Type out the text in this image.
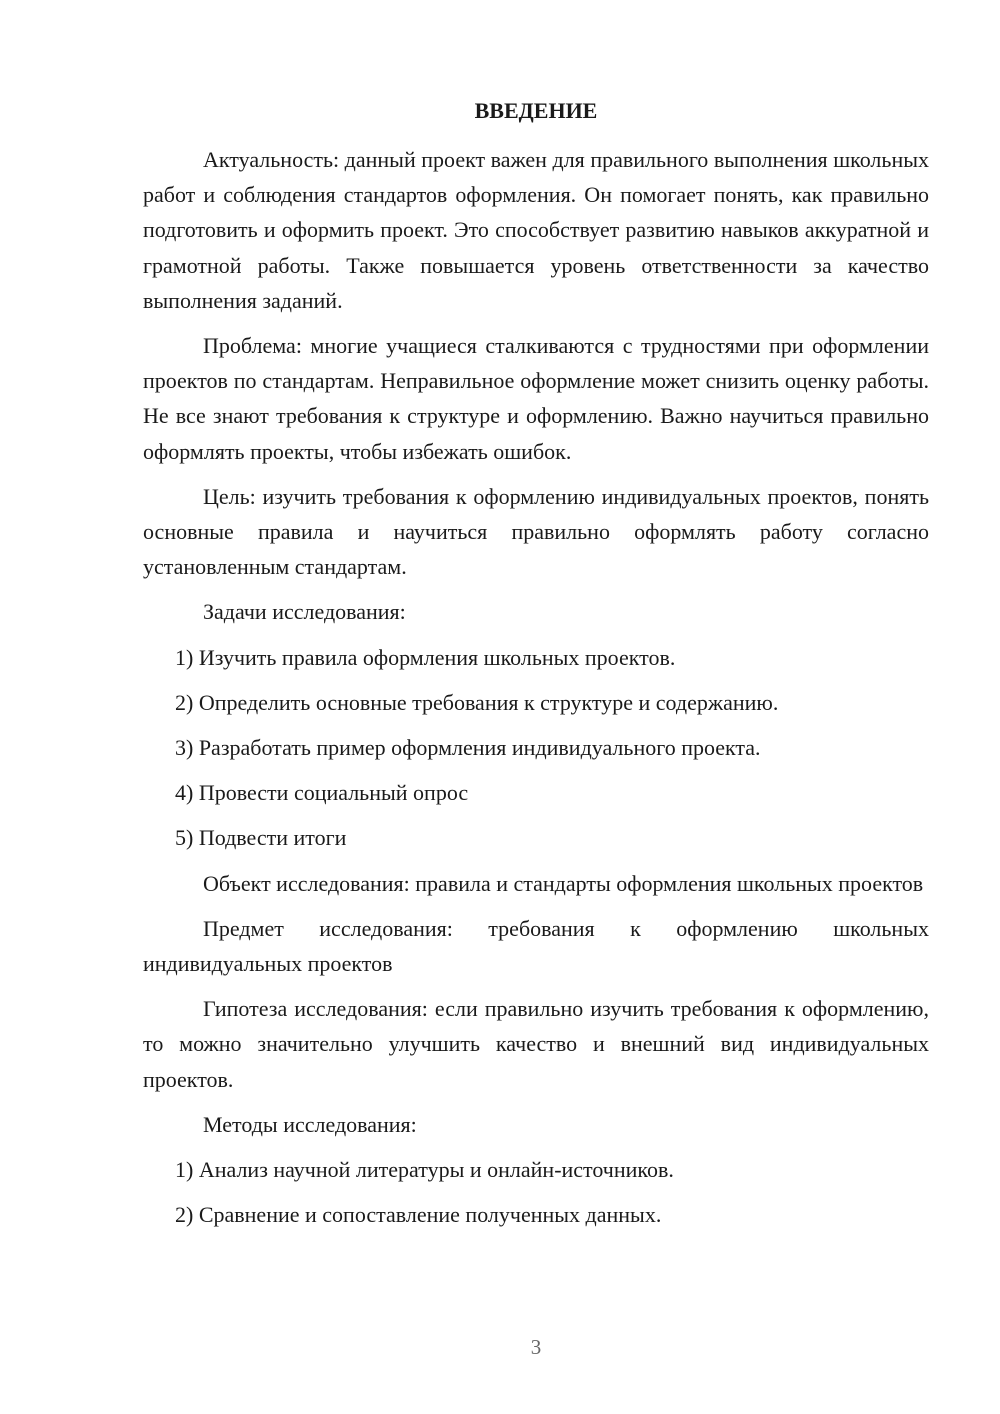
ВВЕДЕНИЕ

Актуальность: данный проект важен для правильного выполнения школьных работ и соблюдения стандартов оформления. Он помогает понять, как правильно подготовить и оформить проект. Это способствует развитию навыков аккуратной и грамотной работы. Также повышается уровень ответственности за качество выполнения заданий.

Проблема: многие учащиеся сталкиваются с трудностями при оформлении проектов по стандартам. Неправильное оформление может снизить оценку работы. Не все знают требования к структуре и оформлению. Важно научиться правильно оформлять проекты, чтобы избежать ошибок.

Цель: изучить требования к оформлению индивидуальных проектов, понять основные правила и научиться правильно оформлять работу согласно установленным стандартам.

Задачи исследования:

1) Изучить правила оформления школьных проектов.

2) Определить основные требования к структуре и содержанию.

3) Разработать пример оформления индивидуального проекта.

4) Провести социальный опрос

5) Подвести итоги

Объект исследования: правила и стандарты оформления школьных проектов

Предмет исследования: требования к оформлению школьных индивидуальных проектов

Гипотеза исследования: если правильно изучить требования к оформлению, то можно значительно улучшить качество и внешний вид индивидуальных проектов.

Методы исследования:

1) Анализ научной литературы и онлайн-источников.

2) Сравнение и сопоставление полученных данных.

3
